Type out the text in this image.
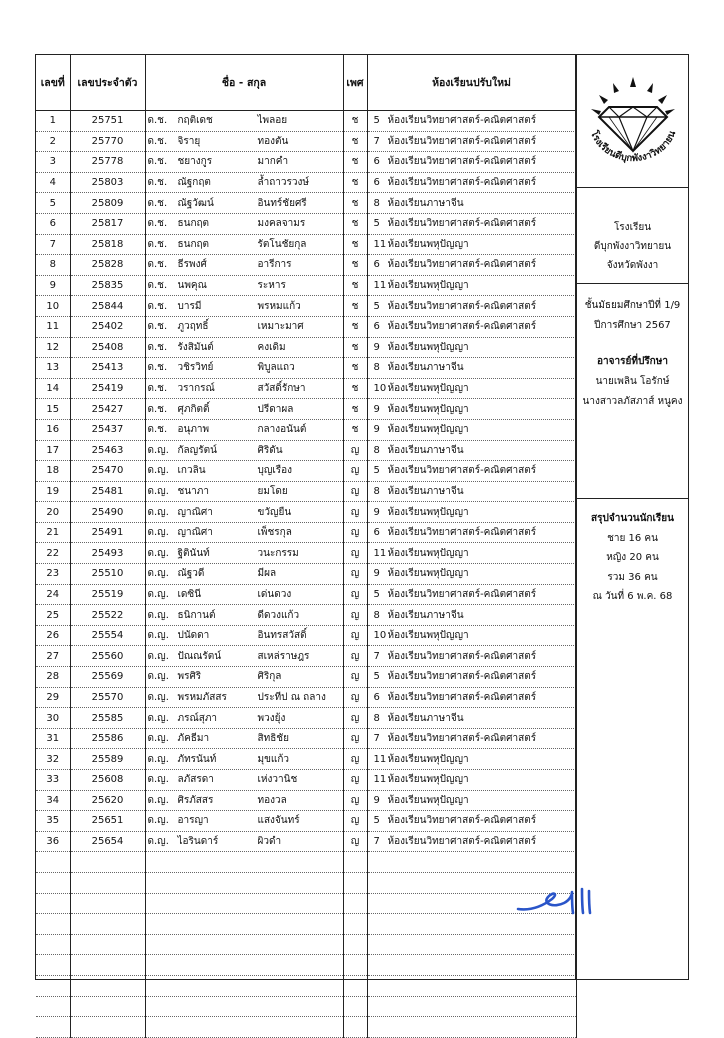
เลขที่	เลขประจำตัว	ชื่อ - สกุล	เพศ	ห้องเรียนปรับใหม่
1	25751	ด.ช. กฤติเดช ไพลอย	ช	5 ห้องเรียนวิทยาศาสตร์-คณิตศาสตร์
2	25770	ด.ช. จิรายุ ทองตัน	ช	7 ห้องเรียนวิทยาศาสตร์-คณิตศาสตร์
3	25778	ด.ช. ชยางกูร มากคำ	ช	6 ห้องเรียนวิทยาศาสตร์-คณิตศาสตร์
4	25803	ด.ช. ณัฐกฤต ล้ำถาวรวงษ์	ช	6 ห้องเรียนวิทยาศาสตร์-คณิตศาสตร์
5	25809	ด.ช. ณัฐวัฒน์ อินทร์ชัยศรี	ช	8 ห้องเรียนภาษาจีน
6	25817	ด.ช. ธนกฤต มงคลจามร	ช	5 ห้องเรียนวิทยาศาสตร์-คณิตศาสตร์
7	25818	ด.ช. ธนกฤต รัตโนชัยกุล	ช	11ห้องเรียนพหุปัญญา
8	25828	ด.ช. ธีรพงศ์ อารีการ	ช	6 ห้องเรียนวิทยาศาสตร์-คณิตศาสตร์
9	25835	ด.ช. นพคุณ ระหาร	ช	11ห้องเรียนพหุปัญญา
10	25844	ด.ช. บารมี พรหมแก้ว	ช	5 ห้องเรียนวิทยาศาสตร์-คณิตศาสตร์
11	25402	ด.ช. ภูวฤทธิ์ เหมาะมาศ	ช	6 ห้องเรียนวิทยาศาสตร์-คณิตศาสตร์
12	25408	ด.ช. รังสิมันต์ คงเดิม	ช	9 ห้องเรียนพหุปัญญา
13	25413	ด.ช. วชิรวิทย์ พิบูลแถว	ช	8 ห้องเรียนภาษาจีน
14	25419	ด.ช. วรากรณ์ สวัสดิ์รักษา	ช	10ห้องเรียนพหุปัญญา
15	25427	ด.ช. ศุภกิตติ์ ปรีดาผล	ช	9 ห้องเรียนพหุปัญญา
16	25437	ด.ช. อนุภาพ กลางอนันต์	ช	9 ห้องเรียนพหุปัญญา
17	25463	ด.ญ. กัลญรัตน์ ศิริดัน	ญ	8 ห้องเรียนภาษาจีน
18	25470	ด.ญ. เกวลิน บุญเรือง	ญ	5 ห้องเรียนวิทยาศาสตร์-คณิตศาสตร์
19	25481	ด.ญ. ชนาภา ยมโดย	ญ	8 ห้องเรียนภาษาจีน
20	25490	ด.ญ. ญาณิศา ขวัญยืน	ญ	9 ห้องเรียนพหุปัญญา
21	25491	ด.ญ. ญาณิศา เพ็ชรกุล	ญ	6 ห้องเรียนวิทยาศาสตร์-คณิตศาสตร์
22	25493	ด.ญ. ฐิตินันท์ วนะกรรม	ญ	11ห้องเรียนพหุปัญญา
23	25510	ด.ญ. ณัฐวดี มีผล	ญ	9 ห้องเรียนพหุปัญญา
24	25519	ด.ญ. เดซินี เด่นดวง	ญ	5 ห้องเรียนวิทยาศาสตร์-คณิตศาสตร์
25	25522	ด.ญ. ธนิกานต์ ดีดวงแก้ว	ญ	8 ห้องเรียนภาษาจีน
26	25554	ด.ญ. ปนัดดา อินทรสวัสดิ์	ญ	10ห้องเรียนพหุปัญญา
27	25560	ด.ญ. ปัณณรัตน์ สเหล่ราษฎร	ญ	7 ห้องเรียนวิทยาศาสตร์-คณิตศาสตร์
28	25569	ด.ญ. พรศิริ ศิริกุล	ญ	5 ห้องเรียนวิทยาศาสตร์-คณิตศาสตร์
29	25570	ด.ญ. พรหมภัสสร ประทีป ณ ถลาง	ญ	6 ห้องเรียนวิทยาศาสตร์-คณิตศาสตร์
30	25585	ด.ญ. ภรณ์สุภา พวงยุ้ง	ญ	8 ห้องเรียนภาษาจีน
31	25586	ด.ญ. ภัคธีมา สิทธิชัย	ญ	7 ห้องเรียนวิทยาศาสตร์-คณิตศาสตร์
32	25589	ด.ญ. ภัทรนันท์ มุขแก้ว	ญ	11ห้องเรียนพหุปัญญา
33	25608	ด.ญ. ลภัสรดา เห่งวานิช	ญ	11ห้องเรียนพหุปัญญา
34	25620	ด.ญ. ศิรภัสสร ทองวล	ญ	9 ห้องเรียนพหุปัญญา
35	25651	ด.ญ. อารญา แสงจันทร์	ญ	5 ห้องเรียนวิทยาศาสตร์-คณิตศาสตร์
36	25654	ด.ญ. ไอรินดาร์ ผิวดำ	ญ	7 ห้องเรียนวิทยาศาสตร์-คณิตศาสตร์

โรงเรียนดีบุกพังงาวิทยายน
โรงเรียน
ดีบุกพังงาวิทยายน
จังหวัดพังงา
ชั้นมัธยมศึกษาปีที่ 1/9
ปีการศึกษา 2567
อาจารย์ที่ปรึกษา
นายเพลิน โอรักษ์
นางสาวลภัสภาส์ หนูคง
สรุปจำนวนนักเรียน
ชาย 16 คน
หญิง 20 คน
รวม 36 คน
ณ วันที่ 6 พ.ค. 68
